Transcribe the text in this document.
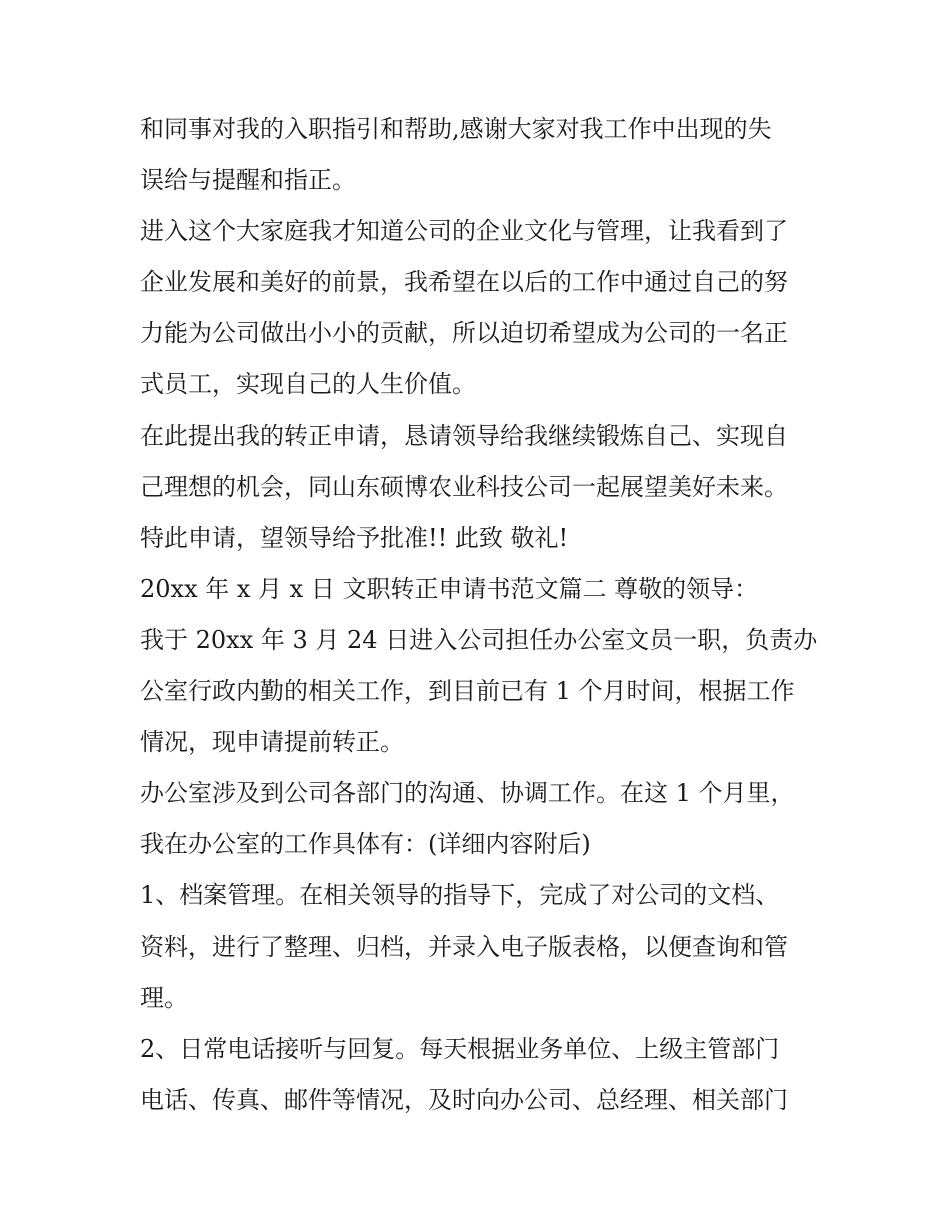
和同事对我的入职指引和帮助,感谢大家对我工作中出现的失
误给与提醒和指正。
进入这个大家庭我才知道公司的企业文化与管理，让我看到了
企业发展和美好的前景，我希望在以后的工作中通过自己的努
力能为公司做出小小的贡献，所以迫切希望成为公司的一名正
式员工，实现自己的人生价值。
在此提出我的转正申请，恳请领导给我继续锻炼自己、实现自
己理想的机会，同山东硕博农业科技公司一起展望美好未来。
特此申请，望领导给予批准!! 此致 敬礼!
20xx 年 x 月 x 日 文职转正申请书范文篇二 尊敬的领导：
我于 20xx 年 3 月 24 日进入公司担任办公室文员一职，负责办
公室行政内勤的相关工作，到目前已有 1 个月时间，根据工作
情况，现申请提前转正。
办公室涉及到公司各部门的沟通、协调工作。在这 1 个月里，
我在办公室的工作具体有：(详细内容附后)
1、档案管理。在相关领导的指导下，完成了对公司的文档、
资料，进行了整理、归档，并录入电子版表格，以便查询和管
理。
2、日常电话接听与回复。每天根据业务单位、上级主管部门
电话、传真、邮件等情况，及时向办公司、总经理、相关部门
